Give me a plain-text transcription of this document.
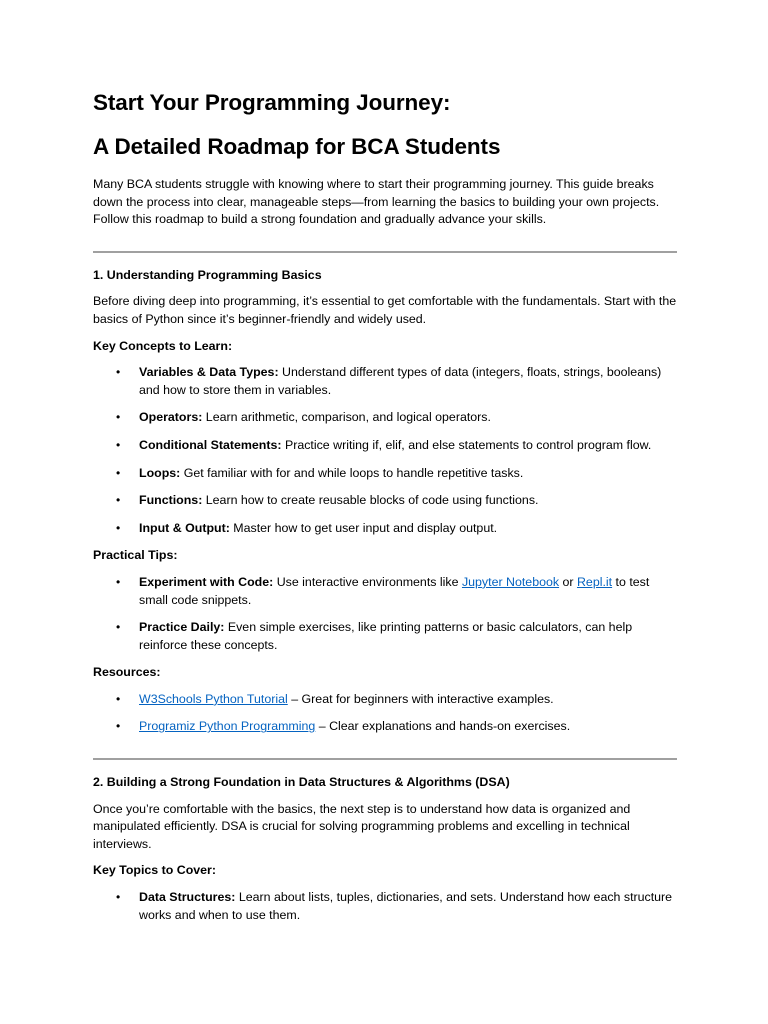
Start Your Programming Journey:
A Detailed Roadmap for BCA Students

Many BCA students struggle with knowing where to start their programming journey. This guide breaks down the process into clear, manageable steps—from learning the basics to building your own projects. Follow this roadmap to build a strong foundation and gradually advance your skills.

1. Understanding Programming Basics

Before diving deep into programming, it’s essential to get comfortable with the fundamentals. Start with the basics of Python since it’s beginner-friendly and widely used.

Key Concepts to Learn:
• Variables & Data Types: Understand different types of data (integers, floats, strings, booleans) and how to store them in variables.
• Operators: Learn arithmetic, comparison, and logical operators.
• Conditional Statements: Practice writing if, elif, and else statements to control program flow.
• Loops: Get familiar with for and while loops to handle repetitive tasks.
• Functions: Learn how to create reusable blocks of code using functions.
• Input & Output: Master how to get user input and display output.
Practical Tips:
• Experiment with Code: Use interactive environments like Jupyter Notebook or Repl.it to test small code snippets.
• Practice Daily: Even simple exercises, like printing patterns or basic calculators, can help reinforce these concepts.
Resources:
• W3Schools Python Tutorial – Great for beginners with interactive examples.
• Programiz Python Programming – Clear explanations and hands-on exercises.
2. Building a Strong Foundation in Data Structures & Algorithms (DSA)

Once you’re comfortable with the basics, the next step is to understand how data is organized and manipulated efficiently. DSA is crucial for solving programming problems and excelling in technical interviews.

Key Topics to Cover:
• Data Structures: Learn about lists, tuples, dictionaries, and sets. Understand how each structure works and when to use them.
